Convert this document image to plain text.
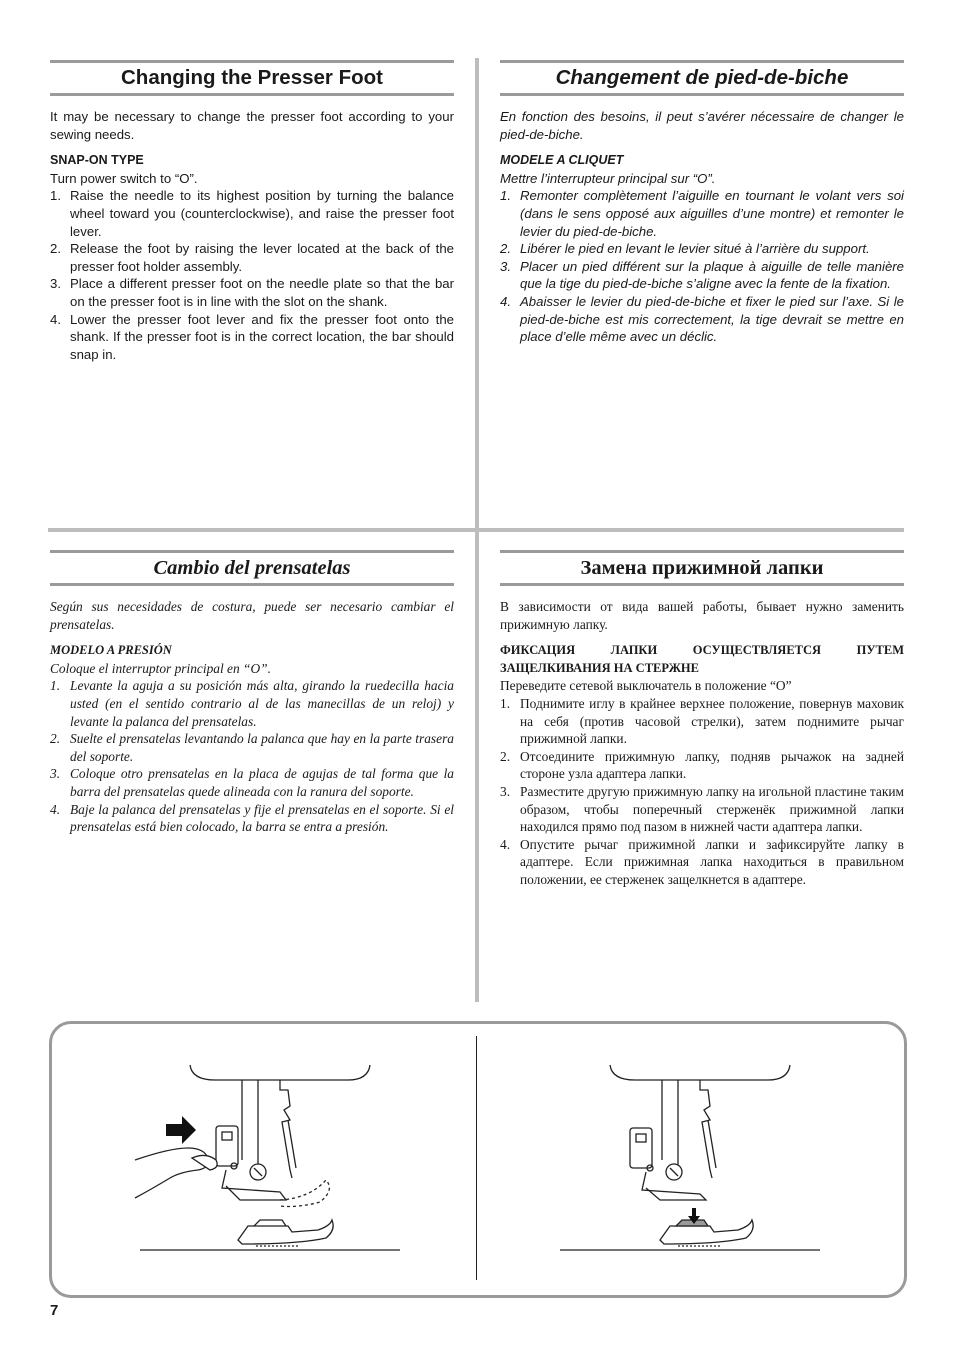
Changing the Presser Foot

It may be necessary to change the presser foot according to your sewing needs.

SNAP-ON TYPE

Turn power switch to “O”.

1. Raise the needle to its highest position by turning the balance wheel toward you (counterclockwise), and raise the presser foot lever.
2. Release the foot by raising the lever located at the back of the presser foot holder assembly.
3. Place a different presser foot on the needle plate so that the bar on the presser foot is in line with the slot on the shank.
4. Lower the presser foot lever and fix the presser foot onto the shank. If the presser foot is in the correct location, the bar should snap in.
Changement de pied-de-biche

En fonction des besoins, il peut s’avérer nécessaire de changer le pied-de-biche.

MODELE A CLIQUET

Mettre l’interrupteur principal sur “O”.

1. Remonter complètement l’aiguille en tournant le volant vers soi (dans le sens opposé aux aiguilles d’une montre) et remonter le levier du pied-de-biche.
2. Libérer le pied en levant le levier situé à l’arrière du support.
3. Placer un pied différent sur la plaque à aiguille de telle manière que la tige du pied-de-biche s’aligne avec la fente de la fixation.
4. Abaisser le levier du pied-de-biche et fixer le pied sur l’axe. Si le pied-de-biche est mis correctement, la tige devrait se mettre en place d’elle même avec un déclic.
Cambio del prensatelas

Según sus necesidades de costura, puede ser necesario cambiar el prensatelas.

MODELO A PRESIÓN

Coloque el interruptor principal en “O”.

1. Levante la aguja a su posición más alta, girando la ruedecilla hacia usted (en el sentido contrario al de las manecillas de un reloj) y levante la palanca del prensatelas.
2. Suelte el prensatelas levantando la palanca que hay en la parte trasera del soporte.
3. Coloque otro prensatelas en la placa de agujas de tal forma que la barra del prensatelas quede alineada con la ranura del soporte.
4. Baje la palanca del prensatelas y fije el prensatelas en el soporte. Si el prensatelas está bien colocado, la barra se entra a presión.
Замена прижимной лапки

В зависимости от вида вашей работы, бывает нужно заменить прижимную лапку.

ФИКСАЦИЯ ЛАПКИ ОСУЩЕСТВЛЯЕТСЯ ПУТЕМ ЗАЩЕЛКИВАНИЯ НА СТЕРЖНЕ

Переведите сетевой выключатель в положение “O”

1. Поднимите иглу в крайнее верхнее положение, повернув маховик на себя (против часовой стрелки), затем поднимите рычаг прижимной лапки.
2. Отсоедините прижимную лапку, подняв рычажок на задней стороне узла адаптера лапки.
3. Разместите другую прижимную лапку на игольной пластине таким образом, чтобы поперечный стерженёк прижимной лапки находился прямо под пазом в нижней части адаптера лапки.
4. Опустите рычаг прижимной лапки и зафиксируйте лапку в адаптере. Если прижимная лапка находиться в правильном положении, ее стерженек защелкнется в адаптере.
7
